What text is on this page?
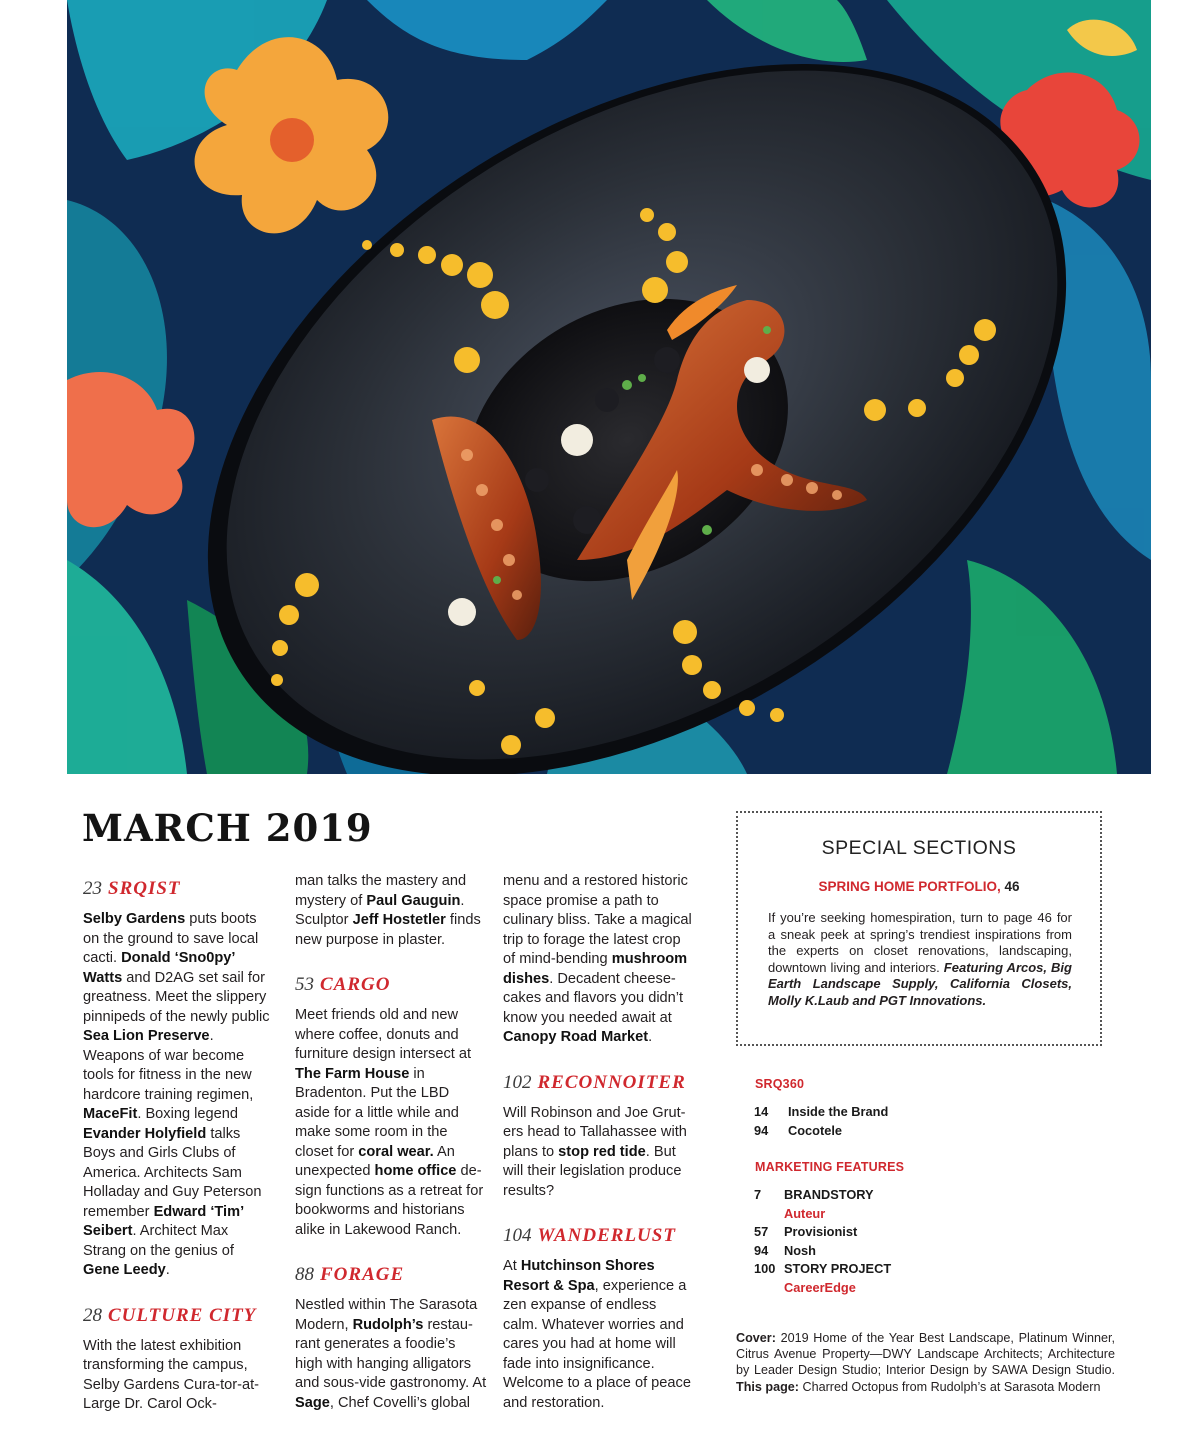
MARCH 2019
23 SRQIST

Selby Gardens puts boots on the ground to save local cacti. Donald ‘Sno0py’ Watts and D2AG set sail for greatness. Meet the slippery pinnipeds of the newly public Sea Lion Preserve. Weapons of war become tools for fitness in the new hardcore training regimen, MaceFit. Boxing legend Evander Holyfield talks Boys and Girls Clubs of America. Architects Sam Holladay and Guy Peterson remember Edward ‘Tim’ Seibert. Architect Max Strang on the genius of Gene Leedy.

28 CULTURE CITY

With the latest exhibition transforming the campus, Selby Gardens Cura-tor-at-Large Dr. Carol Ock-

man talks the mastery and mystery of Paul Gauguin. Sculptor Jeff Hostetler finds new purpose in plaster.

53 CARGO

Meet friends old and new where coffee, donuts and furniture design intersect at The Farm House in Bradenton. Put the LBD aside for a little while and make some room in the closet for coral wear. An unexpected home office de-sign functions as a retreat for bookworms and historians alike in Lakewood Ranch.

88 FORAGE

Nestled within The Sarasota Modern, Rudolph’s restau-rant generates a foodie’s high with hanging alligators and sous-vide gastronomy. At Sage, Chef Covelli’s global

menu and a restored historic space promise a path to culinary bliss. Take a magical trip to forage the latest crop of mind-bending mushroom dishes. Decadent cheese-cakes and flavors you didn’t know you needed await at Canopy Road Market.

102 RECONNOITER

Will Robinson and Joe Grut-ers head to Tallahassee with plans to stop red tide. But will their legislation produce results?

104 WANDERLUST

At Hutchinson Shores Resort & Spa, experience a zen expanse of endless calm. Whatever worries and cares you had at home will fade into insignificance. Welcome to a place of peace and restoration.

SPECIAL SECTIONS
SPRING HOME PORTFOLIO, 46
If you’re seeking homespiration, turn to page 46 for a sneak peek at spring’s trendiest inspirations from the experts on closet renovations, landscaping, downtown living and interiors. Featuring Arcos, Big Earth Landscape Supply, California Closets, Molly K.Laub and PGT Innovations.
SRQ360
14	Inside the Brand
94	Cocotele
MARKETING FEATURES
7	BRANDSTORY
Auteur
57	Provisionist
94	Nosh
100 STORY PROJECT
CareerEdge
Cover: 2019 Home of the Year Best Landscape, Platinum Winner, Citrus Avenue Property—DWY Landscape Architects; Architecture by Leader Design Studio; Interior Design by SAWA Design Studio. This page: Charred Octopus from Rudolph’s at Sarasota Modern
